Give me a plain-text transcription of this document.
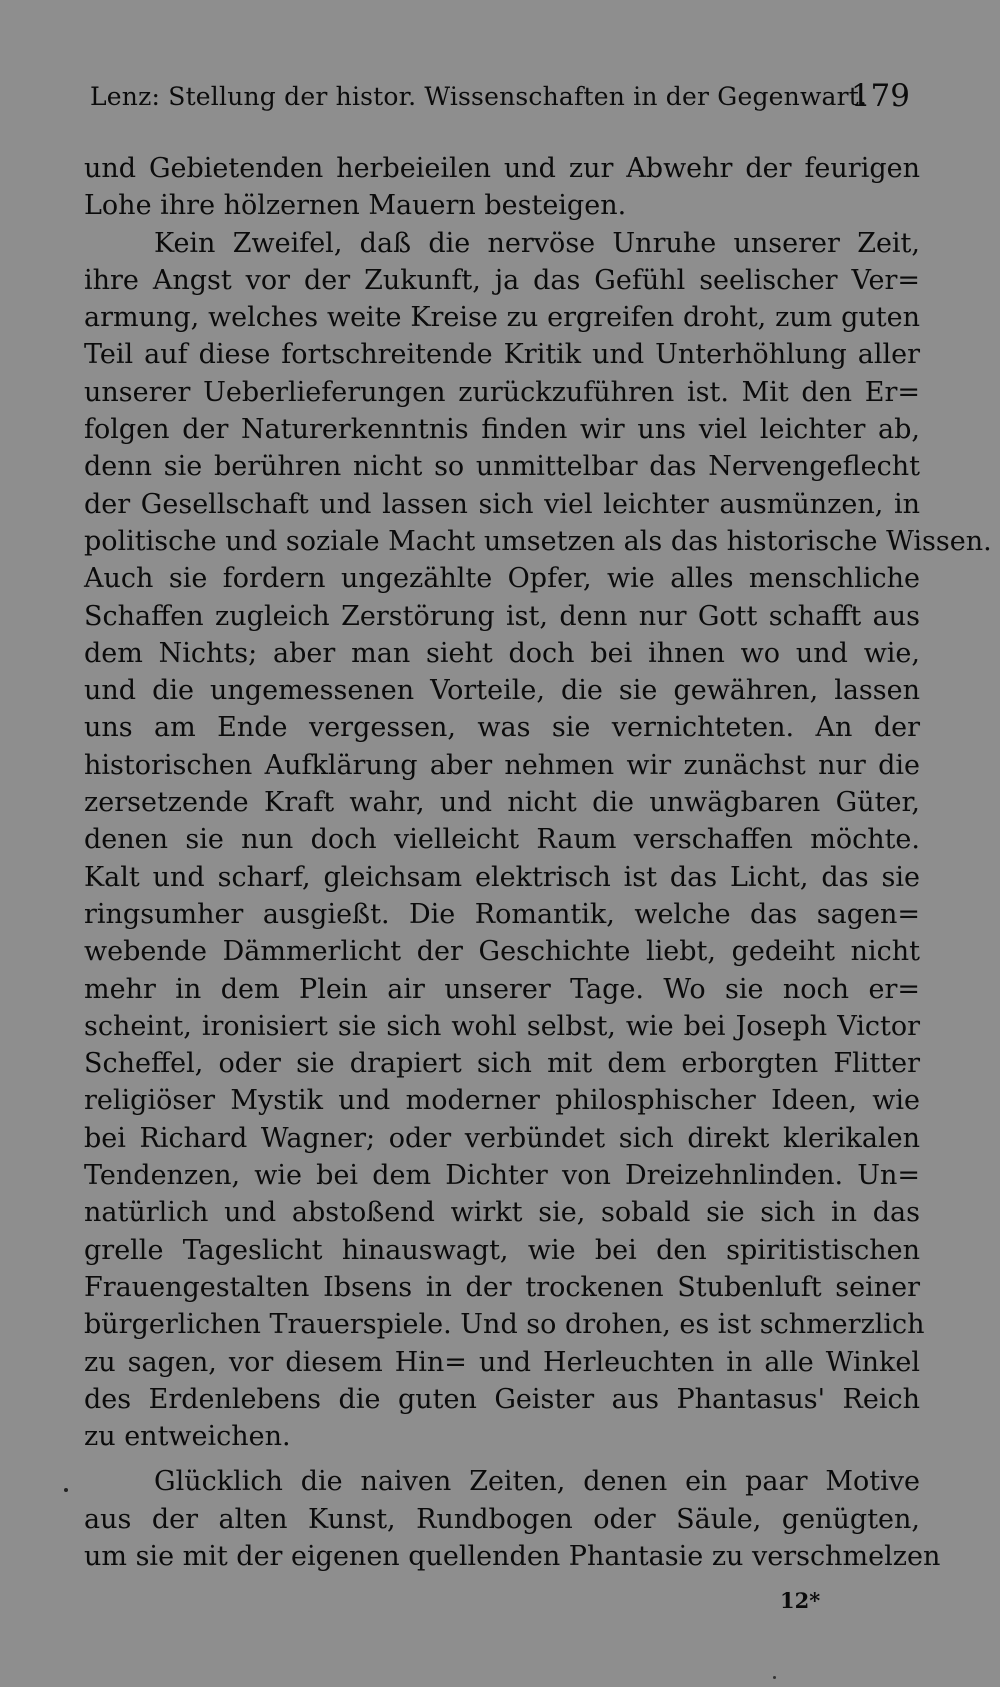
Lenz: Stellung der histor. Wissenschaften in der Gegenwart.
179
und Gebietenden herbeieilen und zur Abwehr der feurigen
Lohe ihre hölzernen Mauern besteigen.
Kein Zweifel, daß die nervöse Unruhe unserer Zeit,
ihre Angst vor der Zukunft, ja das Gefühl seelischer Ver=
armung, welches weite Kreise zu ergreifen droht, zum guten
Teil auf diese fortschreitende Kritik und Unterhöhlung aller
unserer Ueberlieferungen zurückzuführen ist. Mit den Er=
folgen der Naturerkenntnis finden wir uns viel leichter ab,
denn sie berühren nicht so unmittelbar das Nervengeflecht
der Gesellschaft und lassen sich viel leichter ausmünzen, in
politische und soziale Macht umsetzen als das historische Wissen.
Auch sie fordern ungezählte Opfer, wie alles menschliche
Schaffen zugleich Zerstörung ist, denn nur Gott schafft aus
dem Nichts; aber man sieht doch bei ihnen wo und wie,
und die ungemessenen Vorteile, die sie gewähren, lassen
uns am Ende vergessen, was sie vernichteten. An der
historischen Aufklärung aber nehmen wir zunächst nur die
zersetzende Kraft wahr, und nicht die unwägbaren Güter,
denen sie nun doch vielleicht Raum verschaffen möchte.
Kalt und scharf, gleichsam elektrisch ist das Licht, das sie
ringsumher ausgießt. Die Romantik, welche das sagen=
webende Dämmerlicht der Geschichte liebt, gedeiht nicht
mehr in dem Plein air unserer Tage. Wo sie noch er=
scheint, ironisiert sie sich wohl selbst, wie bei Joseph Victor
Scheffel, oder sie drapiert sich mit dem erborgten Flitter
religiöser Mystik und moderner philosphischer Ideen, wie
bei Richard Wagner; oder verbündet sich direkt klerikalen
Tendenzen, wie bei dem Dichter von Dreizehnlinden. Un=
natürlich und abstoßend wirkt sie, sobald sie sich in das
grelle Tageslicht hinauswagt, wie bei den spiritistischen
Frauengestalten Ibsens in der trockenen Stubenluft seiner
bürgerlichen Trauerspiele. Und so drohen, es ist schmerzlich
zu sagen, vor diesem Hin= und Herleuchten in alle Winkel
des Erdenlebens die guten Geister aus Phantasus' Reich
zu entweichen.
Glücklich die naiven Zeiten, denen ein paar Motive
aus der alten Kunst, Rundbogen oder Säule, genügten,
um sie mit der eigenen quellenden Phantasie zu verschmelzen
12*
